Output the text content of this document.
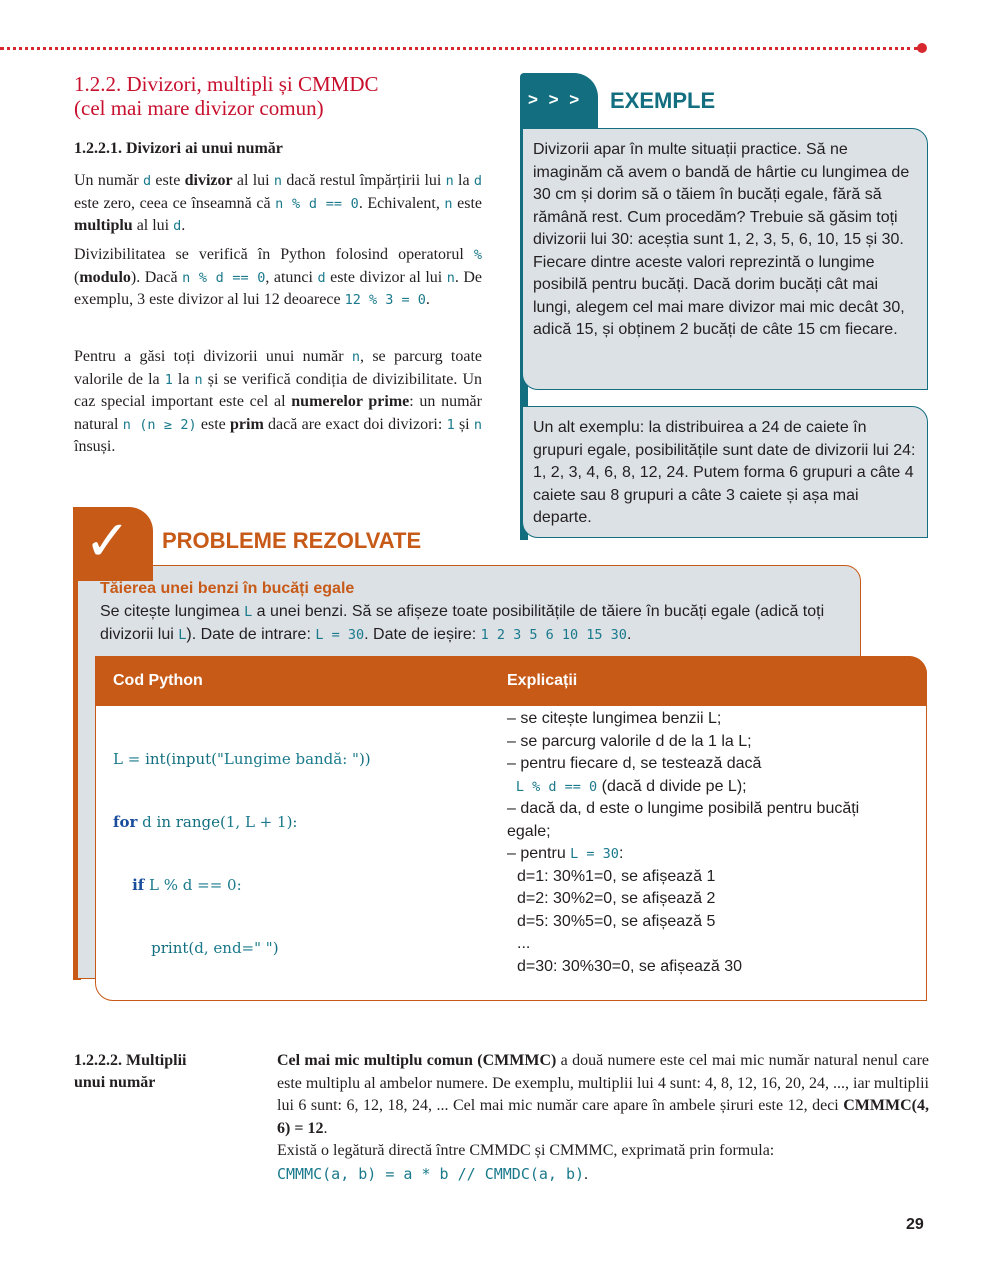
1.2.2. Divizori, multipli și CMMDC
(cel mai mare divizor comun)
1.2.2.1. Divizori ai unui număr
Un număr d este divizor al lui n dacă restul împărțirii lui n la d este zero, ceea ce înseamnă că n % d == 0. Echivalent, n este multiplu al lui d.
Divizibilitatea se verifică în Python folosind operatorul % (modulo). Dacă n % d == 0, atunci d este divizor al lui n. De exemplu, 3 este divizor al lui 12 deoarece 12 % 3 = 0.
Pentru a găsi toți divizorii unui număr n, se parcurg toate valorile de la 1 la n și se verifică condiția de divizibilitate. Un caz special important este cel al numerelor prime: un număr natural n (n ≥ 2) este prim dacă are exact doi divizori: 1 și n însuși.
> > > EXEMPLE
Divizorii apar în multe situații practice. Să ne imaginăm că avem o bandă de hârtie cu lungimea de 30 cm și dorim să o tăiem în bucăți egale, fără să rămână rest. Cum procedăm? Trebuie să găsim toți divizorii lui 30: aceștia sunt 1, 2, 3, 5, 6, 10, 15 și 30. Fiecare dintre aceste valori reprezintă o lungime posibilă pentru bucăți. Dacă dorim bucăți cât mai lungi, alegem cel mai mare divizor mai mic decât 30, adică 15, și obținem 2 bucăți de câte 15 cm fiecare.
Un alt exemplu: la distribuirea a 24 de caiete în grupuri egale, posibilitățile sunt date de divizorii lui 24: 1, 2, 3, 4, 6, 8, 12, 24. Putem forma 6 grupuri a câte 4 caiete sau 8 grupuri a câte 3 caiete și așa mai departe.
✓ PROBLEME REZOLVATE
Tăierea unei benzi în bucăți egale
Se citește lungimea L a unei benzi. Să se afișeze toate posibilitățile de tăiere în bucăți egale (adică toți divizorii lui L). Date de intrare: L = 30. Date de ieșire: 1 2 3 5 6 10 15 30.
Cod Python	Explicații

L = int(input("Lungime bandă: "))

for d in range(1, L + 1):

if L % d == 0:

print(d, end=" ")

– se citește lungimea benzii L;
– se parcurg valorile d de la 1 la L;
– pentru fiecare d, se testează dacă
L % d == 0 (dacă d divide pe L);
– dacă da, d este o lungime posibilă pentru bucăți egale;
– pentru L = 30:
d=1: 30%1=0, se afișează 1
d=2: 30%2=0, se afișează 2
d=5: 30%5=0, se afișează 5
...
d=30: 30%30=0, se afișează 30
1.2.2.2. Multiplii
unui număr
Cel mai mic multiplu comun (CMMMC) a două numere este cel mai mic număr natural nenul care este multiplu al ambelor numere. De exemplu, multiplii lui 4 sunt: 4, 8, 12, 16, 20, 24, ..., iar multiplii lui 6 sunt: 6, 12, 18, 24, ... Cel mai mic număr care apare în ambele șiruri este 12, deci CMMMC(4, 6) = 12.
Există o legătură directă între CMMDC și CMMMC, exprimată prin formula:
CMMMC(a, b) = a * b // CMMDC(a, b).
29
